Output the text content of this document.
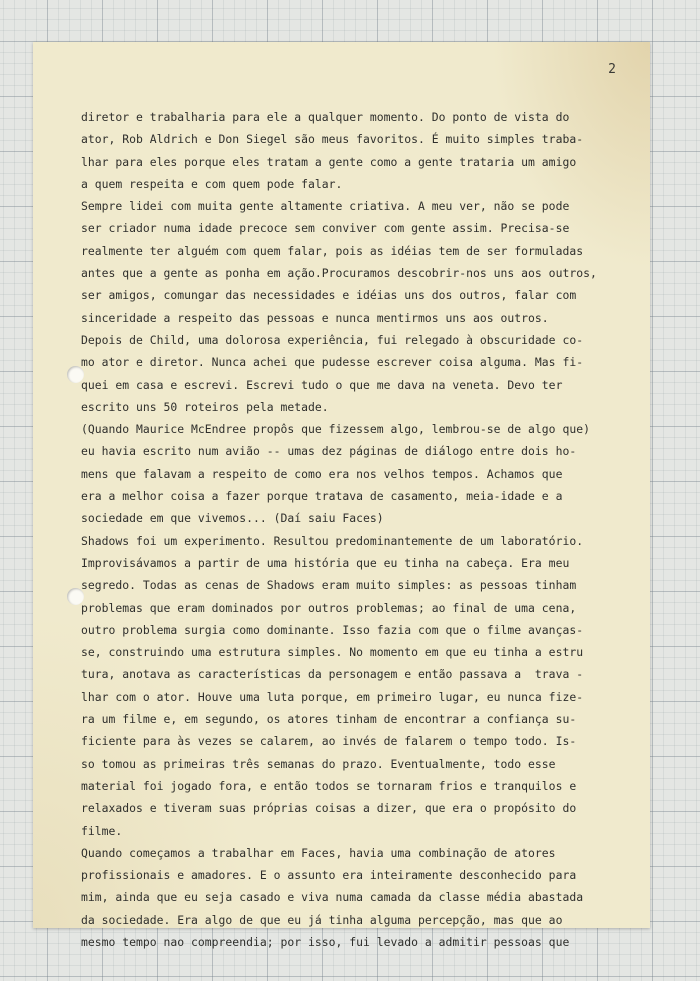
2
diretor e trabalharia para ele a qualquer momento. Do ponto de vista do
ator, Rob Aldrich e Don Siegel são meus favoritos. É muito simples traba-
lhar para eles porque eles tratam a gente como a gente trataria um amigo
a quem respeita e com quem pode falar.
Sempre lidei com muita gente altamente criativa. A meu ver, não se pode
ser criador numa idade precoce sem conviver com gente assim. Precisa-se
realmente ter alguém com quem falar, pois as idéias tem de ser formuladas
antes que a gente as ponha em ação.Procuramos descobrir-nos uns aos outros,
ser amigos, comungar das necessidades e idéias uns dos outros, falar com
sinceridade a respeito das pessoas e nunca mentirmos uns aos outros.
Depois de Child, uma dolorosa experiência, fui relegado à obscuridade co-
mo ator e diretor. Nunca achei que pudesse escrever coisa alguma. Mas fi-
quei em casa e escrevi. Escrevi tudo o que me dava na veneta. Devo ter
escrito uns 50 roteiros pela metade.
(Quando Maurice McEndree propôs que fizessem algo, lembrou-se de algo que)
eu havia escrito num avião -- umas dez páginas de diálogo entre dois ho-
mens que falavam a respeito de como era nos velhos tempos. Achamos que
era a melhor coisa a fazer porque tratava de casamento, meia-idade e a
sociedade em que vivemos... (Daí saiu Faces)
Shadows foi um experimento. Resultou predominantemente de um laboratório.
Improvisávamos a partir de uma história que eu tinha na cabeça. Era meu
segredo. Todas as cenas de Shadows eram muito simples: as pessoas tinham
problemas que eram dominados por outros problemas; ao final de uma cena,
outro problema surgia como dominante. Isso fazia com que o filme avanças-
se, construindo uma estrutura simples. No momento em que eu tinha a estru
tura, anotava as características da personagem e então passava a  trava -
lhar com o ator. Houve uma luta porque, em primeiro lugar, eu nunca fize-
ra um filme e, em segundo, os atores tinham de encontrar a confiança su-
ficiente para às vezes se calarem, ao invés de falarem o tempo todo. Is-
so tomou as primeiras três semanas do prazo. Eventualmente, todo esse
material foi jogado fora, e então todos se tornaram frios e tranquilos e
relaxados e tiveram suas próprias coisas a dizer, que era o propósito do
filme.
Quando começamos a trabalhar em Faces, havia uma combinação de atores
profissionais e amadores. E o assunto era inteiramente desconhecido para
mim, ainda que eu seja casado e viva numa camada da classe média abastada
da sociedade. Era algo de que eu já tinha alguma percepção, mas que ao
mesmo tempo nao compreendia; por isso, fui levado a admitir pessoas que
